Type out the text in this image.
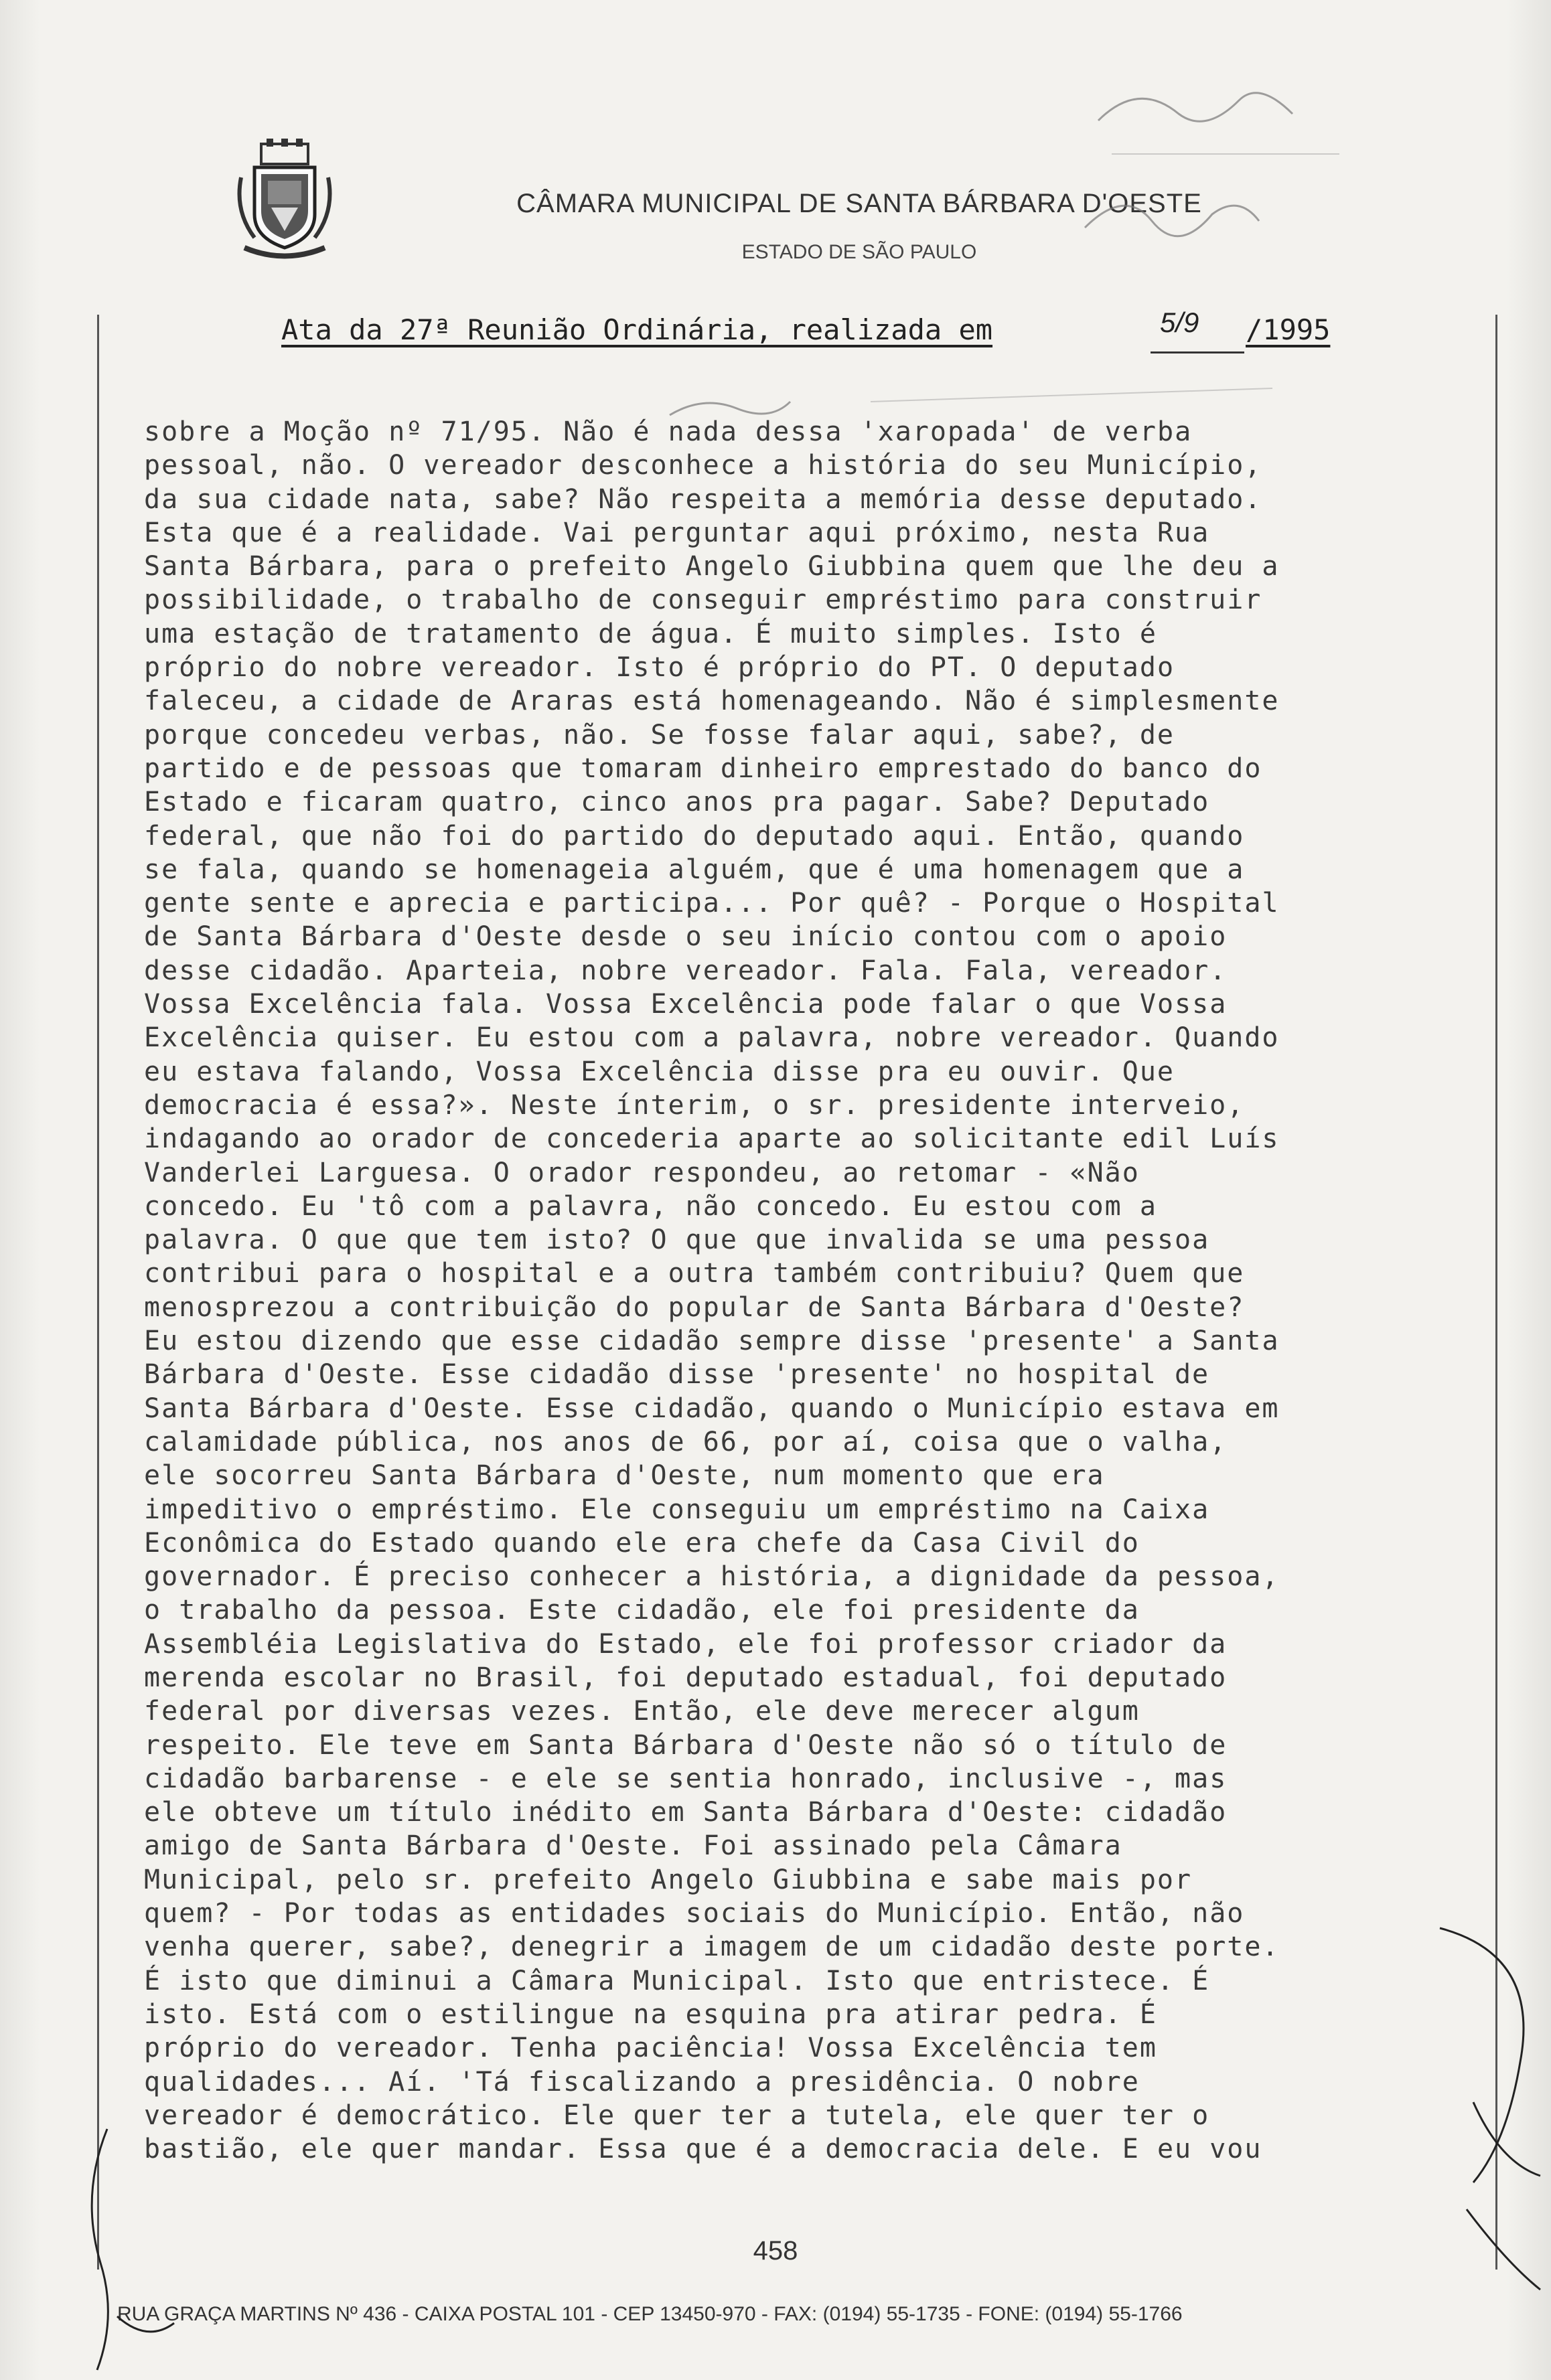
CÂMARA MUNICIPAL DE SANTA BÁRBARA D'OESTE
ESTADO DE SÃO PAULO
Ata da 27ª Reunião Ordinária, realizada em	5/9 /1995
sobre a Moção nº 71/95. Não é nada dessa 'xaropada' de verba
pessoal, não. O vereador desconhece a história do seu Município,
da sua cidade nata, sabe? Não respeita a memória desse deputado.
Esta que é a realidade. Vai perguntar aqui próximo, nesta Rua
Santa Bárbara, para o prefeito Angelo Giubbina quem que lhe deu a
possibilidade, o trabalho de conseguir empréstimo para construir
uma estação de tratamento de água. É muito simples. Isto é
próprio do nobre vereador. Isto é próprio do PT. O deputado
faleceu, a cidade de Araras está homenageando. Não é simplesmente
porque concedeu verbas, não. Se fosse falar aqui, sabe?, de
partido e de pessoas que tomaram dinheiro emprestado do banco do
Estado e ficaram quatro, cinco anos pra pagar. Sabe? Deputado
federal, que não foi do partido do deputado aqui. Então, quando
se fala, quando se homenageia alguém, que é uma homenagem que a
gente sente e aprecia e participa... Por quê? - Porque o Hospital
de Santa Bárbara d'Oeste desde o seu início contou com o apoio
desse cidadão. Aparteia, nobre vereador. Fala. Fala, vereador.
Vossa Excelência fala. Vossa Excelência pode falar o que Vossa
Excelência quiser. Eu estou com a palavra, nobre vereador. Quando
eu estava falando, Vossa Excelência disse pra eu ouvir. Que
democracia é essa?». Neste ínterim, o sr. presidente interveio,
indagando ao orador de concederia aparte ao solicitante edil Luís
Vanderlei Larguesa. O orador respondeu, ao retomar - «Não
concedo. Eu 'tô com a palavra, não concedo. Eu estou com a
palavra. O que que tem isto? O que que invalida se uma pessoa
contribui para o hospital e a outra também contribuiu? Quem que
menosprezou a contribuição do popular de Santa Bárbara d'Oeste?
Eu estou dizendo que esse cidadão sempre disse 'presente' a Santa
Bárbara d'Oeste. Esse cidadão disse 'presente' no hospital de
Santa Bárbara d'Oeste. Esse cidadão, quando o Município estava em
calamidade pública, nos anos de 66, por aí, coisa que o valha,
ele socorreu Santa Bárbara d'Oeste, num momento que era
impeditivo o empréstimo. Ele conseguiu um empréstimo na Caixa
Econômica do Estado quando ele era chefe da Casa Civil do
governador. É preciso conhecer a história, a dignidade da pessoa,
o trabalho da pessoa. Este cidadão, ele foi presidente da
Assembléia Legislativa do Estado, ele foi professor criador da
merenda escolar no Brasil, foi deputado estadual, foi deputado
federal por diversas vezes. Então, ele deve merecer algum
respeito. Ele teve em Santa Bárbara d'Oeste não só o título de
cidadão barbarense - e ele se sentia honrado, inclusive -, mas
ele obteve um título inédito em Santa Bárbara d'Oeste: cidadão
amigo de Santa Bárbara d'Oeste. Foi assinado pela Câmara
Municipal, pelo sr. prefeito Angelo Giubbina e sabe mais por
quem? - Por todas as entidades sociais do Município. Então, não
venha querer, sabe?, denegrir a imagem de um cidadão deste porte.
É isto que diminui a Câmara Municipal. Isto que entristece. É
isto. Está com o estilingue na esquina pra atirar pedra. É
próprio do vereador. Tenha paciência! Vossa Excelência tem
qualidades... Aí. 'Tá fiscalizando a presidência. O nobre
vereador é democrático. Ele quer ter a tutela, ele quer ter o
bastião, ele quer mandar. Essa que é a democracia dele. E eu vou
458
RUA GRAÇA MARTINS Nº 436 - CAIXA POSTAL 101 - CEP 13450-970 - FAX: (0194) 55-1735 - FONE: (0194) 55-1766
